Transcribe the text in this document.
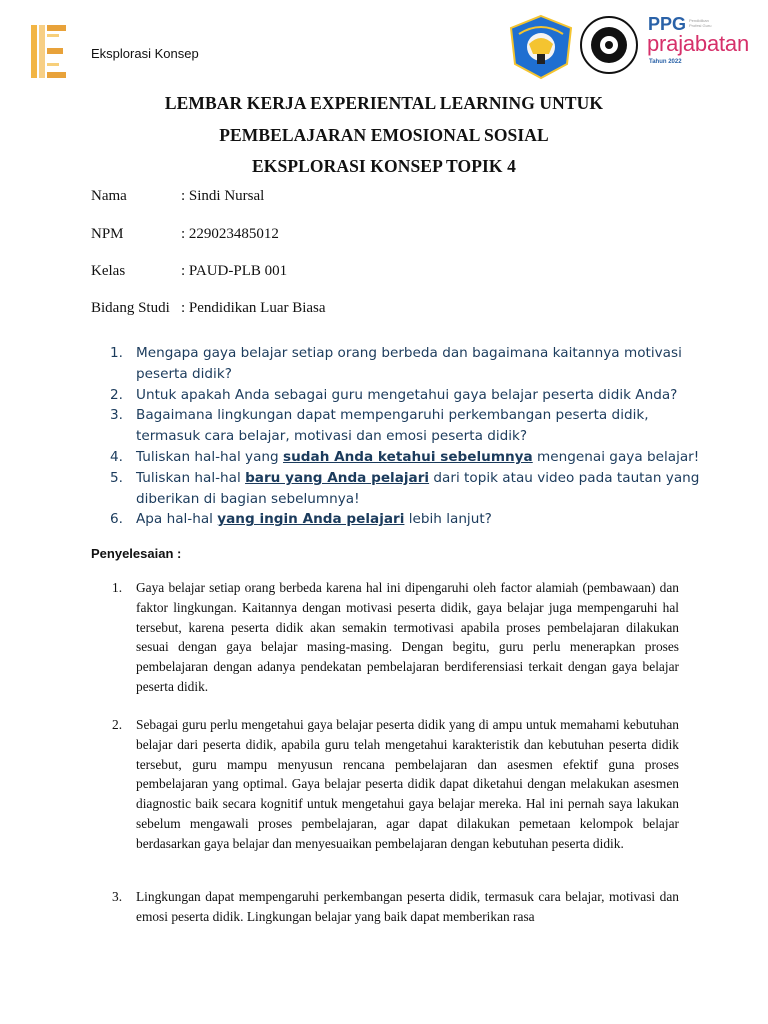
Eksplorasi Konsep
PPG Pendidikan Profesi Guru
prajabatan
Tahun 2022
LEMBAR KERJA EXPERIENTAL LEARNING UNTUK
PEMBELAJARAN EMOSIONAL SOSIAL
EKSPLORASI KONSEP TOPIK 4
Nama	: Sindi Nursal
NPM	: 229023485012
Kelas	: PAUD-PLB 001
Bidang Studi : Pendidikan Luar Biasa
1. Mengapa gaya belajar setiap orang berbeda dan bagaimana kaitannya motivasi peserta didik?
2. Untuk apakah Anda sebagai guru mengetahui gaya belajar peserta didik Anda?
3. Bagaimana lingkungan dapat mempengaruhi perkembangan peserta didik, termasuk cara belajar, motivasi dan emosi peserta didik?
4. Tuliskan hal-hal yang sudah Anda ketahui sebelumnya mengenai gaya belajar!
5. Tuliskan hal-hal baru yang Anda pelajari dari topik atau video pada tautan yang diberikan di bagian sebelumnya!
6. Apa hal-hal yang ingin Anda pelajari lebih lanjut?
Penyelesaian :
1. Gaya belajar setiap orang berbeda karena hal ini dipengaruhi oleh factor alamiah (pembawaan) dan faktor lingkungan. Kaitannya dengan motivasi peserta didik, gaya belajar juga mempengaruhi hal tersebut, karena peserta didik akan semakin termotivasi apabila proses pembelajaran dilakukan sesuai dengan gaya belajar masing-masing. Dengan begitu, guru perlu menerapkan proses pembelajaran dengan adanya pendekatan pembelajaran berdiferensiasi terkait dengan gaya belajar peserta didik.
2. Sebagai guru perlu mengetahui gaya belajar peserta didik yang di ampu untuk memahami kebutuhan belajar dari peserta didik, apabila guru telah mengetahui karakteristik dan kebutuhan peserta didik tersebut, guru mampu menyusun rencana pembelajaran dan asesmen efektif guna proses pembelajaran yang optimal. Gaya belajar peserta didik dapat diketahui dengan melakukan asesmen diagnostic baik secara kognitif untuk mengetahui gaya belajar mereka. Hal ini pernah saya lakukan sebelum mengawali proses pembelajaran, agar dapat dilakukan pemetaan kelompok belajar berdasarkan gaya belajar dan menyesuaikan pembelajaran dengan kebutuhan peserta didik.
3. Lingkungan dapat mempengaruhi perkembangan peserta didik, termasuk cara belajar, motivasi dan emosi peserta didik. Lingkungan belajar yang baik dapat memberikan rasa
